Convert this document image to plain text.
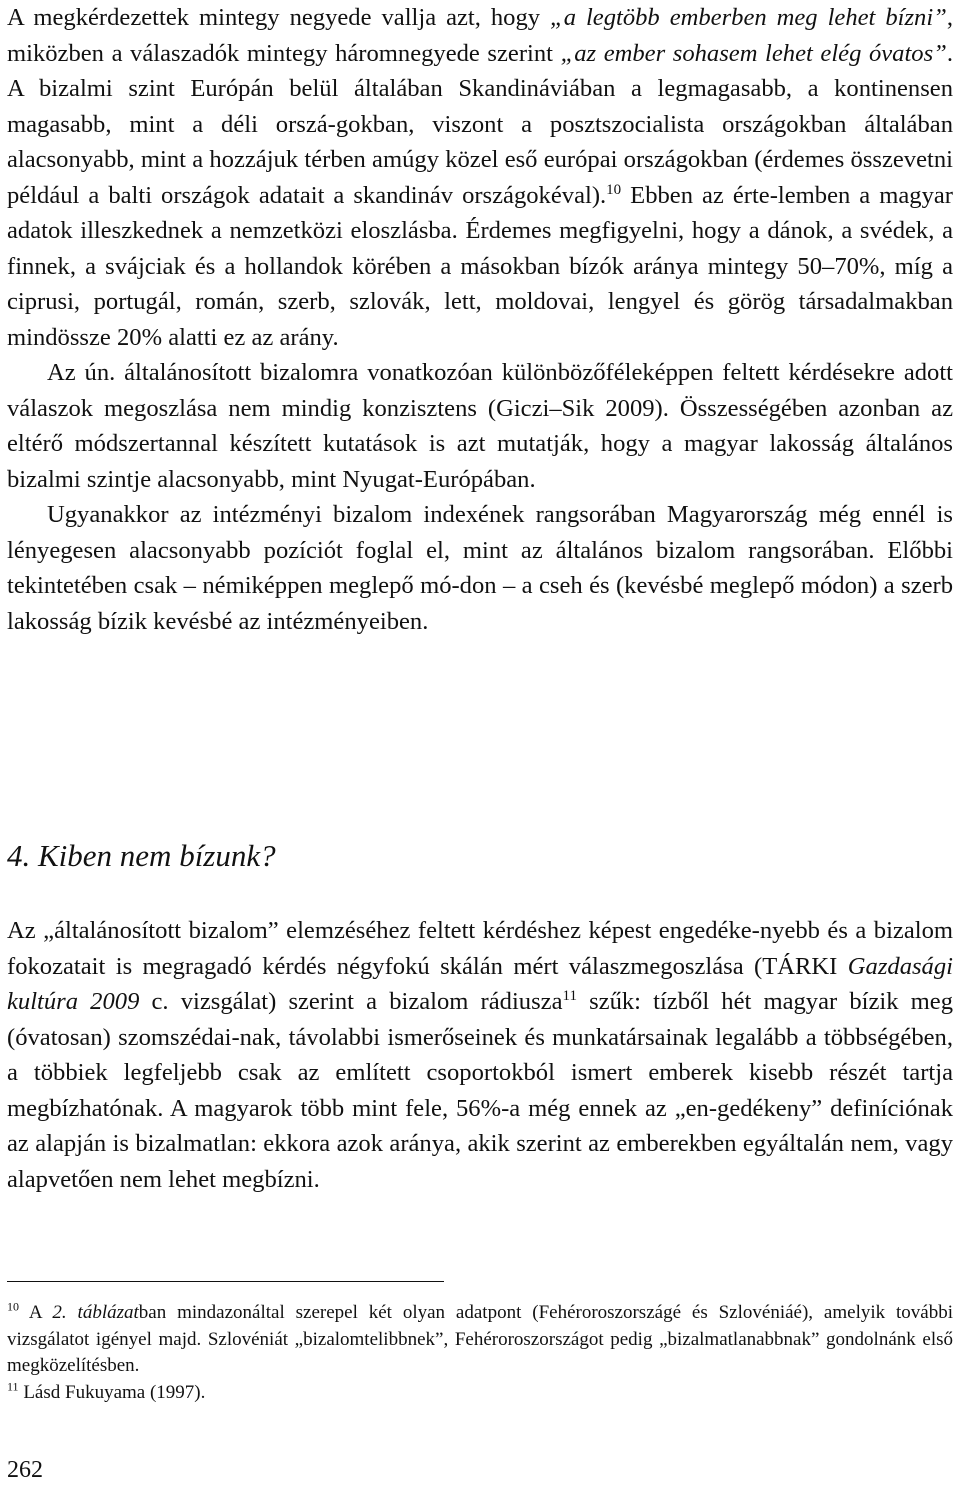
A megkérdezettek mintegy negyede vallja azt, hogy „a legtöbb emberben meg lehet bízni”, miközben a válaszadók mintegy háromnegyede szerint „az ember sohasem lehet elég óvatos”. A bizalmi szint Európán belül általában Skandináviában a legmagasabb, a kontinensen magasabb, mint a déli orszá-gokban, viszont a posztszocialista országokban általában alacsonyabb, mint a hozzájuk térben amúgy közel eső európai országokban (érdemes összevetni például a balti országok adatait a skandináv országokéval).$^{10}$ Ebben az érte-lemben a magyar adatok illeszkednek a nemzetközi eloszlásba. Érdemes megfigyelni, hogy a dánok, a svédek, a finnek, a svájciak és a hollandok körében a másokban bízók aránya mintegy 50–70%, míg a ciprusi, portugál, román, szerb, szlovák, lett, moldovai, lengyel és görög társadalmakban mindössze 20% alatti ez az arány.

Az ún. általánosított bizalomra vonatkozóan különbözőféleképpen feltett kérdésekre adott válaszok megoszlása nem mindig konzisztens (Giczi–Sik 2009). Összességében azonban az eltérő módszertannal készített kutatások is azt mutatják, hogy a magyar lakosság általános bizalmi szintje alacsonyabb, mint Nyugat-Európában.

Ugyanakkor az intézményi bizalom indexének rangsorában Magyarország még ennél is lényegesen alacsonyabb pozíciót foglal el, mint az általános bizalom rangsorában. Előbbi tekintetében csak – némiképpen meglepő mó-don – a cseh és (kevésbé meglepő módon) a szerb lakosság bízik kevésbé az intézményeiben.

4. Kiben nem bízunk?

Az „általánosított bizalom” elemzéséhez feltett kérdéshez képest engedéke-nyebb és a bizalom fokozatait is megragadó kérdés négyfokú skálán mért válaszmegoszlása (TÁRKI Gazdasági kultúra 2009 c. vizsgálat) szerint a bizalom rádiusza$^{11}$ szűk: tízből hét magyar bízik meg (óvatosan) szomszédai-nak, távolabbi ismerőseinek és munkatársainak legalább a többségében, a többiek legfeljebb csak az említett csoportokból ismert emberek kisebb részét tartja megbízhatónak. A magyarok több mint fele, 56%-a még ennek az „en-gedékeny” definíciónak az alapján is bizalmatlan: ekkora azok aránya, akik szerint az emberekben egyáltalán nem, vagy alapvetően nem lehet megbízni.

$^{10}$ A 2. táblázatban mindazonáltal szerepel két olyan adatpont (Fehéroroszországé és Szlovéniáé), amelyik további vizsgálatot igényel majd. Szlovéniát „bizalomtelibbnek”, Fehéroroszországot pedig „bizalmatlanabbnak” gondolnánk első megközelítésben.

$^{11}$ Lásd Fukuyama (1997).

262
